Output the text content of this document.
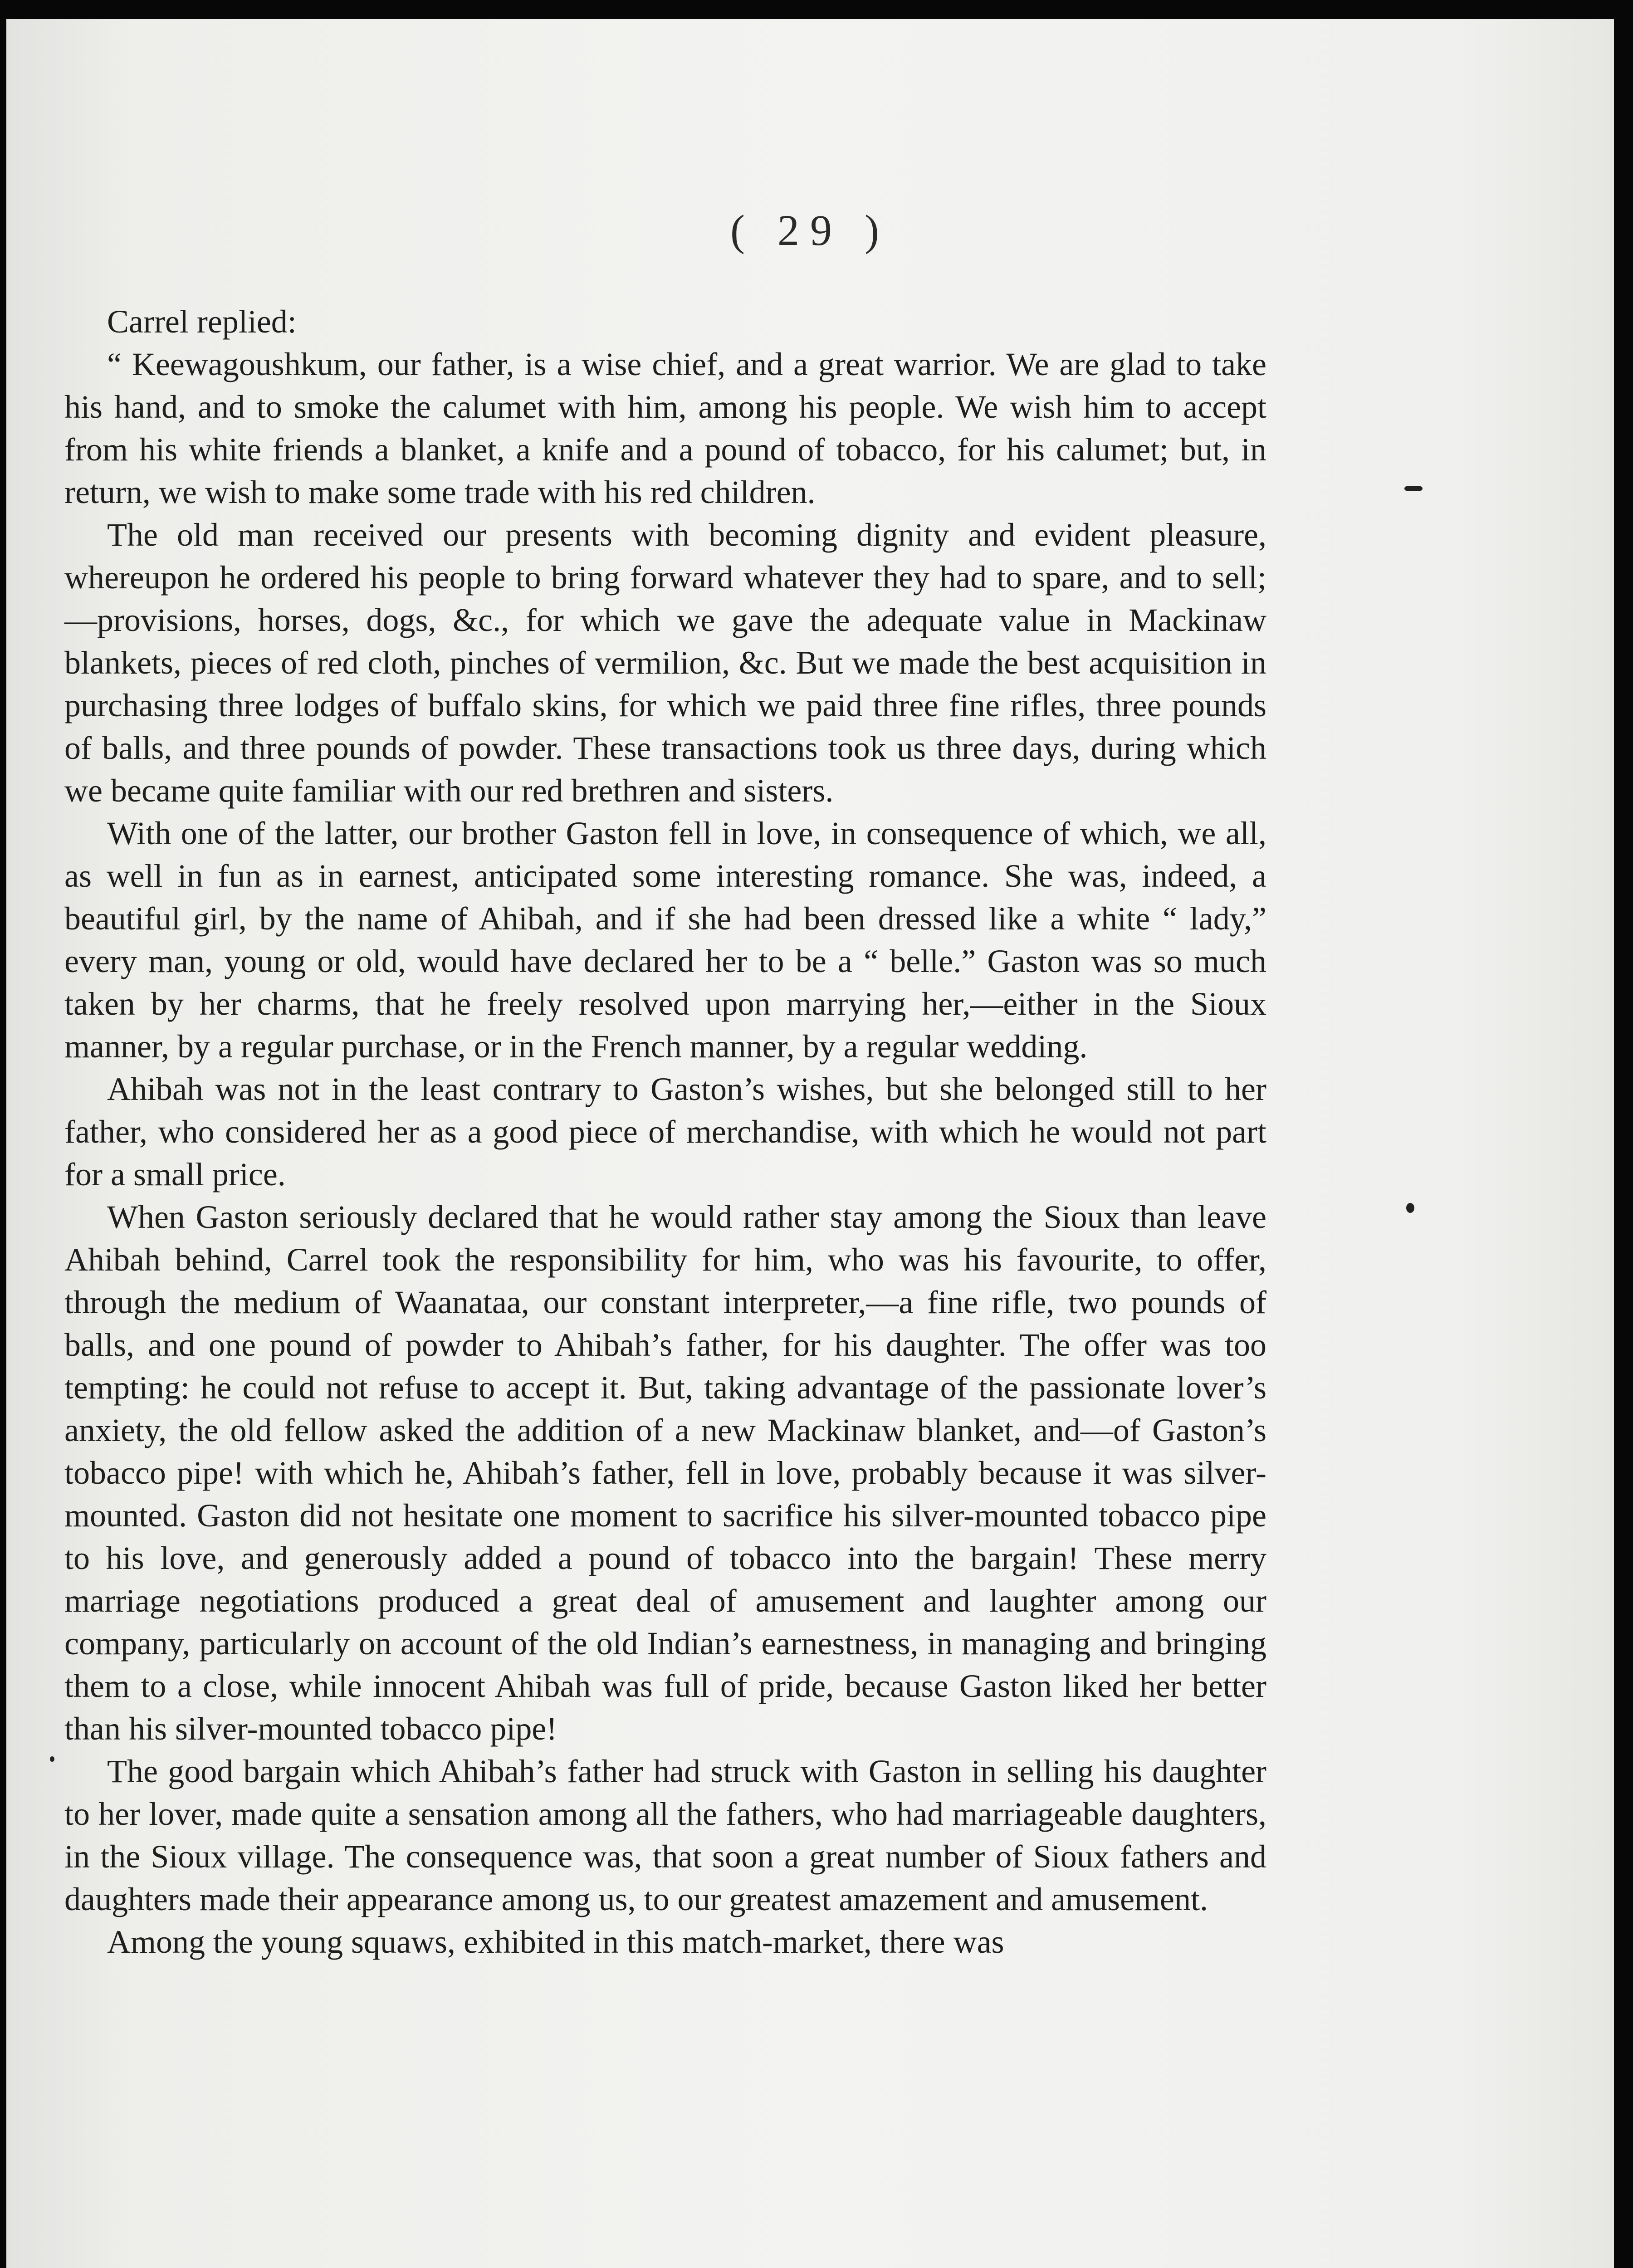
( 29 )

Carrel replied:

“ Keewagoushkum, our father, is a wise chief, and a great warrior. We are glad to take his hand, and to smoke the calumet with him, among his people. We wish him to accept from his white friends a blanket, a knife and a pound of tobacco, for his calumet; but, in return, we wish to make some trade with his red children.

The old man received our presents with becoming dignity and evident pleasure, whereupon he ordered his people to bring forward whatever they had to spare, and to sell;—provisions, horses, dogs, &c., for which we gave the adequate value in Mackinaw blankets, pieces of red cloth, pinches of vermilion, &c. But we made the best acquisition in purchasing three lodges of buffalo skins, for which we paid three fine rifles, three pounds of balls, and three pounds of powder. These transactions took us three days, during which we became quite familiar with our red brethren and sisters.

With one of the latter, our brother Gaston fell in love, in consequence of which, we all, as well in fun as in earnest, anticipated some interesting romance. She was, indeed, a beautiful girl, by the name of Ahibah, and if she had been dressed like a white “ lady,” every man, young or old, would have declared her to be a “ belle.” Gaston was so much taken by her charms, that he freely resolved upon marrying her,—either in the Sioux manner, by a regular purchase, or in the French manner, by a regular wedding.

Ahibah was not in the least contrary to Gaston’s wishes, but she belonged still to her father, who considered her as a good piece of merchandise, with which he would not part for a small price.

When Gaston seriously declared that he would rather stay among the Sioux than leave Ahibah behind, Carrel took the responsibility for him, who was his favourite, to offer, through the medium of Waanataa, our constant interpreter,—a fine rifle, two pounds of balls, and one pound of powder to Ahibah’s father, for his daughter. The offer was too tempting: he could not refuse to accept it. But, taking advantage of the passionate lover’s anxiety, the old fellow asked the addition of a new Mackinaw blanket, and—of Gaston’s tobacco pipe! with which he, Ahibah’s father, fell in love, probably because it was silver-mounted. Gaston did not hesitate one moment to sacrifice his silver-mounted tobacco pipe to his love, and generously added a pound of tobacco into the bargain! These merry marriage negotiations produced a great deal of amusement and laughter among our company, particularly on account of the old Indian’s earnestness, in managing and bringing them to a close, while innocent Ahibah was full of pride, because Gaston liked her better than his silver-mounted tobacco pipe!

The good bargain which Ahibah’s father had struck with Gaston in selling his daughter to her lover, made quite a sensation among all the fathers, who had marriageable daughters, in the Sioux village. The consequence was, that soon a great number of Sioux fathers and daughters made their appearance among us, to our greatest amazement and amusement.

Among the young squaws, exhibited in this match-market, there was
